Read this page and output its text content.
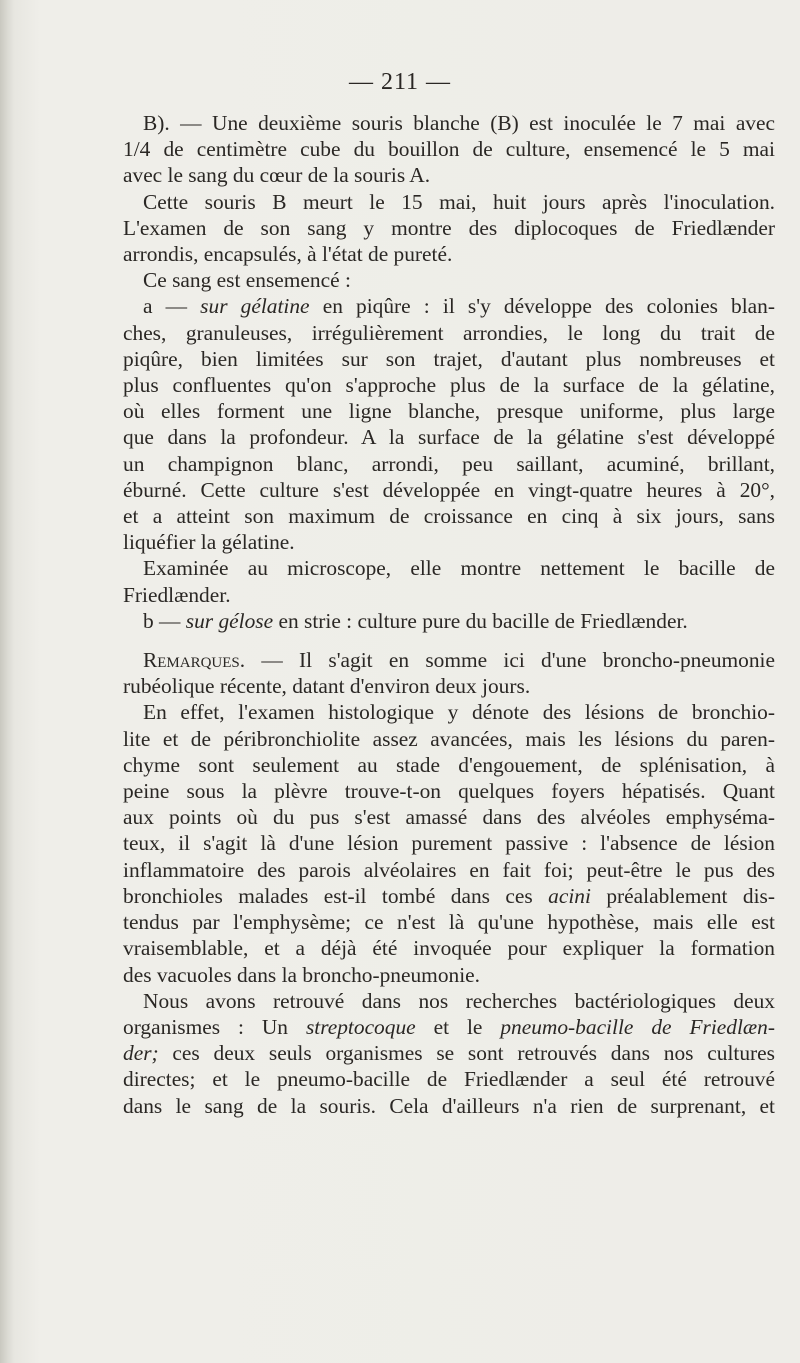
— 211 —

B). — Une deuxième souris blanche (B) est inoculée le 7 mai avec

1/4 de centimètre cube du bouillon de culture, ensemencé le 5 mai

avec le sang du cœur de la souris A.

Cette souris B meurt le 15 mai, huit jours après l'inoculation.

L'examen de son sang y montre des diplocoques de Friedlænder

arrondis, encapsulés, à l'état de pureté.

Ce sang est ensemencé :

a — sur gélatine en piqûre : il s'y développe des colonies blan-

ches, granuleuses, irrégulièrement arrondies, le long du trait de

piqûre, bien limitées sur son trajet, d'autant plus nombreuses et

plus confluentes qu'on s'approche plus de la surface de la gélatine,

où elles forment une ligne blanche, presque uniforme, plus large

que dans la profondeur. A la surface de la gélatine s'est développé

un champignon blanc, arrondi, peu saillant, acuminé, brillant,

éburné. Cette culture s'est développée en vingt-quatre heures à 20°,

et a atteint son maximum de croissance en cinq à six jours, sans

liquéfier la gélatine.

Examinée au microscope, elle montre nettement le bacille de

Friedlænder.

b — sur gélose en strie : culture pure du bacille de Friedlænder.

Remarques. — Il s'agit en somme ici d'une broncho-pneumonie

rubéolique récente, datant d'environ deux jours.

En effet, l'examen histologique y dénote des lésions de bronchio-

lite et de péribronchiolite assez avancées, mais les lésions du paren-

chyme sont seulement au stade d'engouement, de splénisation, à

peine sous la plèvre trouve-t-on quelques foyers hépatisés. Quant

aux points où du pus s'est amassé dans des alvéoles emphyséma-

teux, il s'agit là d'une lésion purement passive : l'absence de lésion

inflammatoire des parois alvéolaires en fait foi; peut-être le pus des

bronchioles malades est-il tombé dans ces acini préalablement dis-

tendus par l'emphysème; ce n'est là qu'une hypothèse, mais elle est

vraisemblable, et a déjà été invoquée pour expliquer la formation

des vacuoles dans la broncho-pneumonie.

Nous avons retrouvé dans nos recherches bactériologiques deux

organismes : Un streptocoque et le pneumo-bacille de Friedlæn-

der; ces deux seuls organismes se sont retrouvés dans nos cultures

directes; et le pneumo-bacille de Friedlænder a seul été retrouvé

dans le sang de la souris. Cela d'ailleurs n'a rien de surprenant, et
